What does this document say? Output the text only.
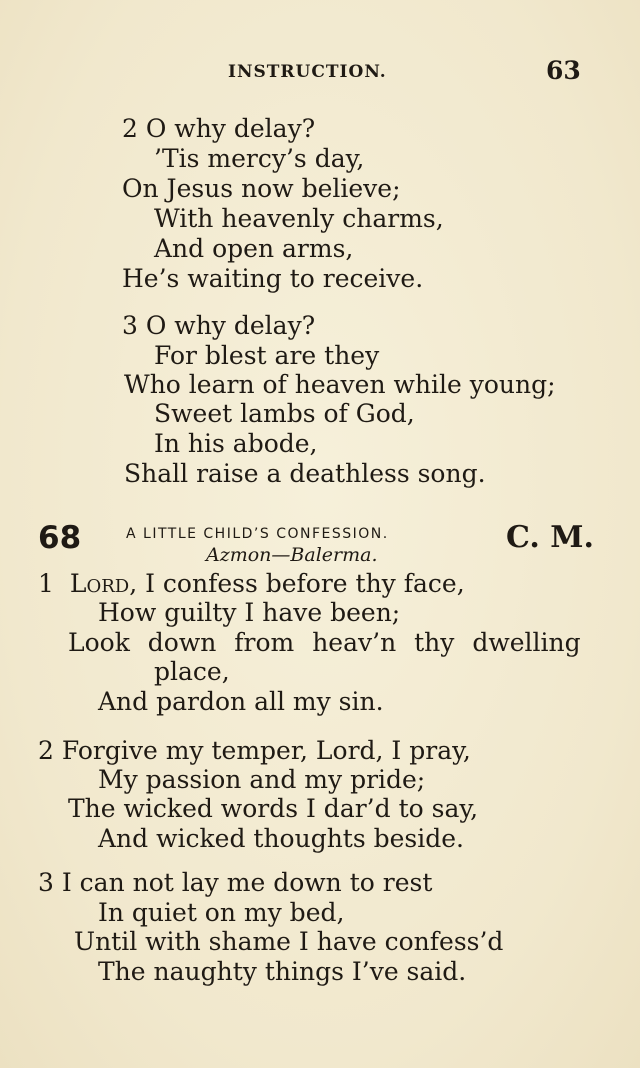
INSTRUCTION.	63
2 O why delay?
’Tis mercy’s day,
On Jesus now believe;
With heavenly charms,
And open arms,
He’s waiting to receive.
3 O why delay?
For blest are they
Who learn of heaven while young;
Sweet lambs of God,
In his abode,
Shall raise a deathless song.
68	A LITTLE CHILD’S CONFESSION.
Azmon—Balerma.	C. M.
1 Lord, I confess before thy face,
How guilty I have been;
Look down from heav’n thy dwelling
place,
And pardon all my sin.
2 Forgive my temper, Lord, I pray,
My passion and my pride;
The wicked words I dar’d to say,
And wicked thoughts beside.
3 I can not lay me down to rest
In quiet on my bed,
Until with shame I have confess’d
The naughty things I’ve said.
